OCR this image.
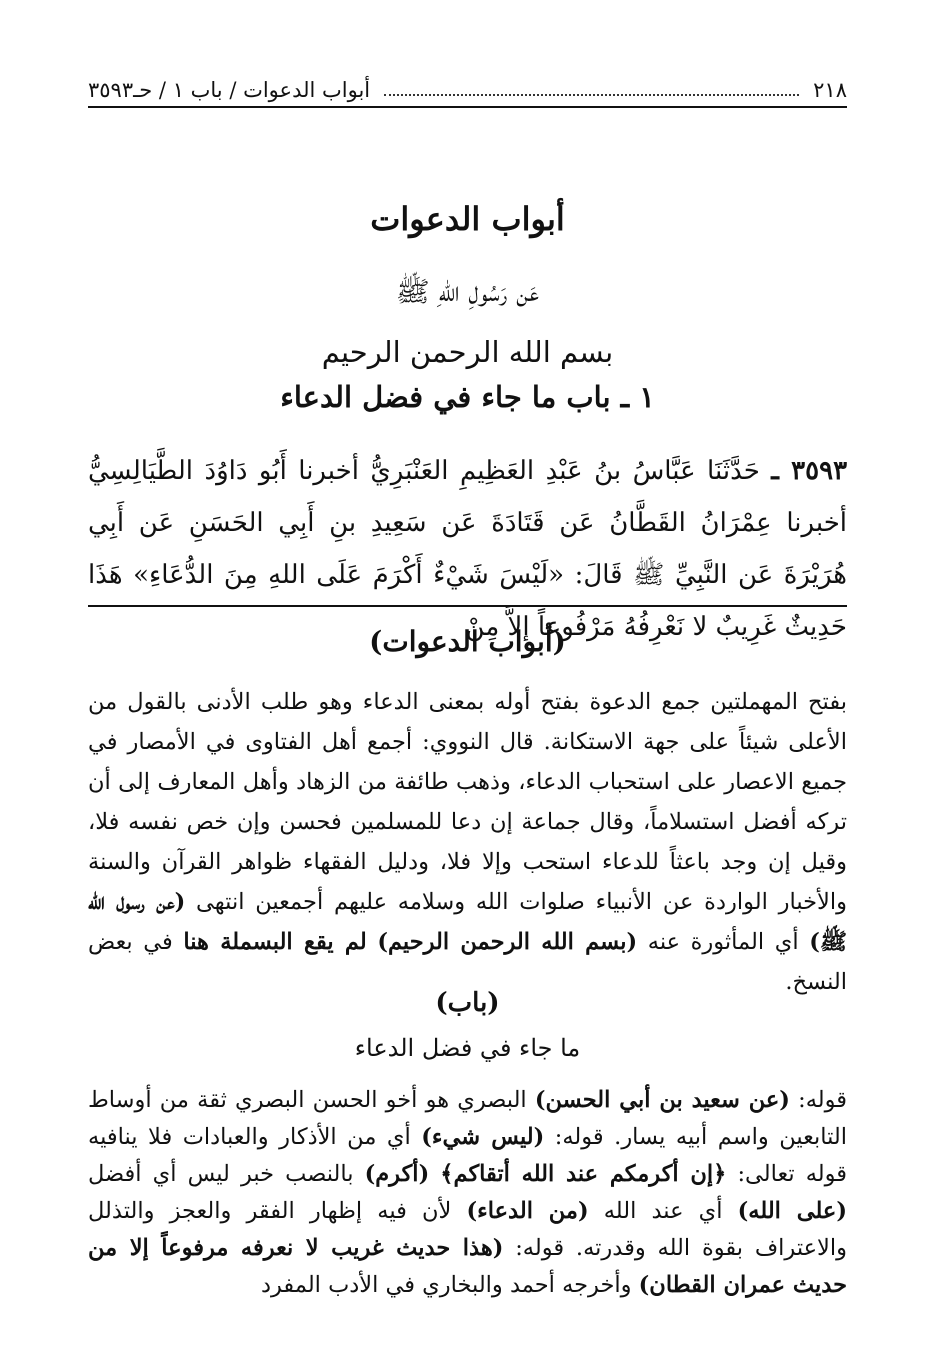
٢١٨
أبواب الدعوات / باب ١ / حـ٣٥٩٣
أبواب الدعوات
عَن رَسُولِ اللهِ ﷺ
بسم الله الرحمن الرحيم
١ ـ باب ما جاء في فضل الدعاء
٣٥٩٣ ـ حَدَّثَنَا عَبَّاسُ بنُ عَبْدِ العَظِيمِ العَنْبَرِيُّ أخبرنا أَبُو دَاوُدَ الطَّيَالِسِيُّ أخبرنا عِمْرَانُ القَطَّانُ عَن قَتَادَةَ عَن سَعِيدِ بنِ أَبِي الحَسَنِ عَن أَبِي هُرَيْرَةَ عَن النَّبِيِّ ﷺ قَالَ: «لَيْسَ شَيْءٌ أَكْرَمَ عَلَى اللهِ مِنَ الدُّعَاءِ» هَذَا حَدِيثٌ غَرِيبٌ لا نَعْرِفُهُ مَرْفُوعاً إلاَّ مِنْ
(أبواب الدعوات)
بفتح المهملتين جمع الدعوة بفتح أوله بمعنى الدعاء وهو طلب الأدنى بالقول من الأعلى شيئاً على جهة الاستكانة. قال النووي: أجمع أهل الفتاوى في الأمصار في جميع الاعصار على استحباب الدعاء، وذهب طائفة من الزهاد وأهل المعارف إلى أن تركه أفضل استسلاماً، وقال جماعة إن دعا للمسلمين فحسن وإن خص نفسه فلا، وقيل إن وجد باعثاً للدعاء استحب وإلا فلا، ودليل الفقهاء ظواهر القرآن والسنة والأخبار الواردة عن الأنبياء صلوات الله وسلامه عليهم أجمعين انتهى (عن رسول الله ﷺ) أي المأثورة عنه (بسم الله الرحمن الرحيم) لم يقع البسملة هنا في بعض النسخ.
(باب)
ما جاء في فضل الدعاء
قوله: (عن سعيد بن أبي الحسن) البصري هو أخو الحسن البصري ثقة من أوساط التابعين واسم أبيه يسار. قوله: (ليس شيء) أي من الأذكار والعبادات فلا ينافيه قوله تعالى: ﴿إن أكرمكم عند الله أتقاكم﴾ (أكرم) بالنصب خبر ليس أي أفضل (على الله) أي عند الله (من الدعاء) لأن فيه إظهار الفقر والعجز والتذلل والاعتراف بقوة الله وقدرته. قوله: (هذا حديث غريب لا نعرفه مرفوعاً إلا من حديث عمران القطان) وأخرجه أحمد والبخاري في الأدب المفرد
